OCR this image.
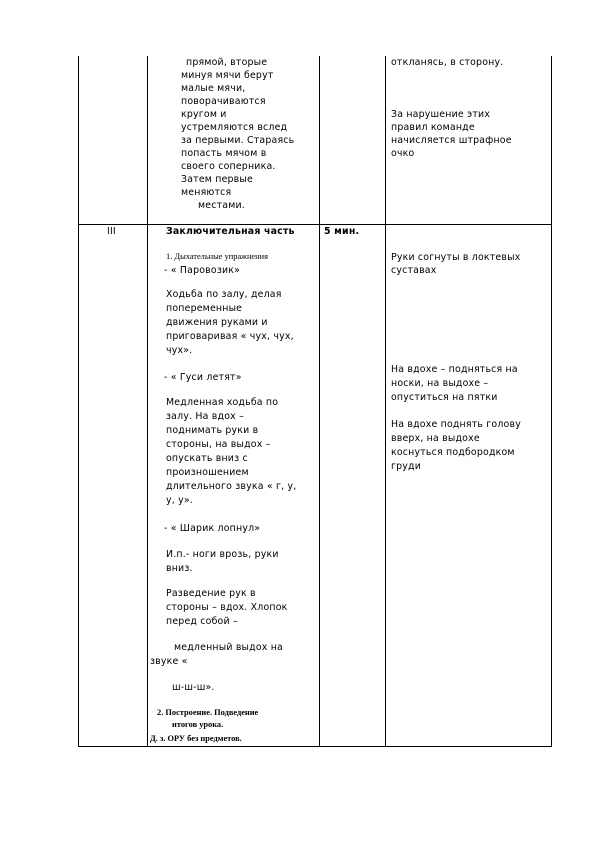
прямой, вторые
минуя мячи берут
малые мячи,
поворачиваются
кругом и
устремляются вслед
за первыми. Стараясь
попасть мячом в
своего соперника.
Затем первые
меняются
местами.
откланясь, в сторону.
За нарушение этих
правил команде
начисляется штрафное
очко
III	Заключительная часть	5 мин.
1. Дыхательные упражнения
- « Паровозик»
Ходьба по залу, делая
попеременные
движения руками и
приговаривая « чух, чух,
чух».
- « Гуси летят»
Медленная ходьба по
залу. На вдох –
поднимать руки в
стороны, на выдох –
опускать вниз с
произношением
длительного звука « г, у,
у, у».
- « Шарик лопнул»
И.п.- ноги врозь, руки
вниз.
Разведение рук в
стороны – вдох. Хлопок
перед собой –
медленный выдох на
звуке «
ш-ш-ш».
2. Построение. Подведение
итогов урока.
Д. з. ОРУ без предметов.
Руки согнуты в локтевых
суставах
На вдохе – подняться на
носки, на выдохе –
опуститься на пятки
На вдохе поднять голову
вверх, на выдохе
коснуться подбородком
груди
